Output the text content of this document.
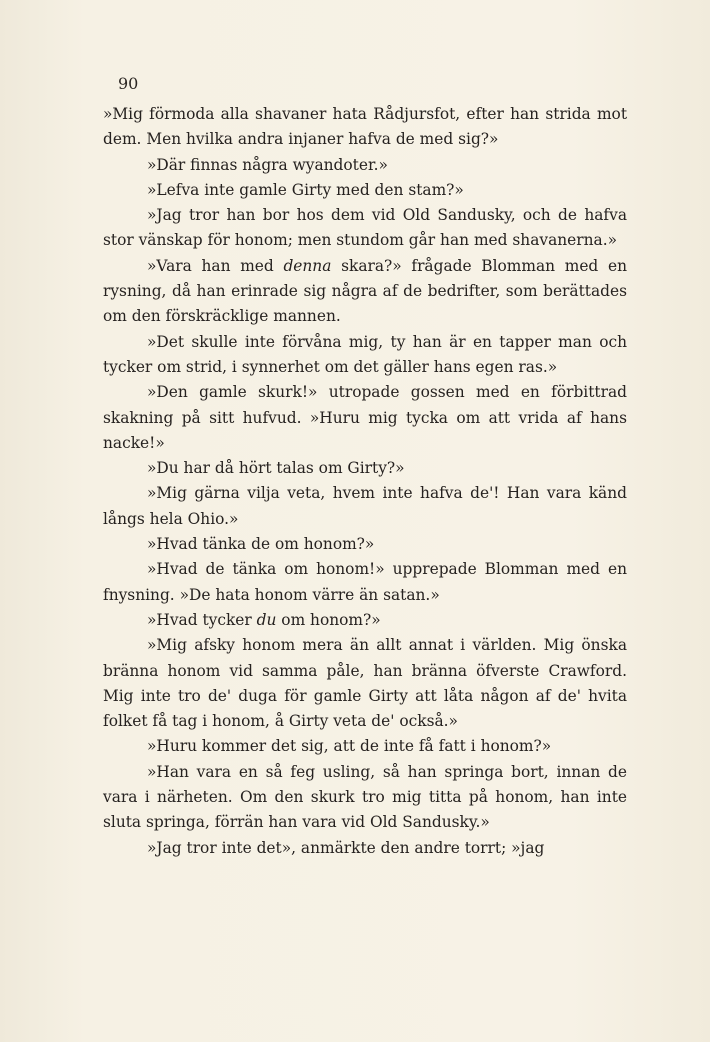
90

»Mig förmoda alla shavaner hata Rådjursfot, efter han strida mot dem. Men hvilka andra injaner hafva de med sig?»

»Där finnas några wyandoter.»

»Lefva inte gamle Girty med den stam?»

»Jag tror han bor hos dem vid Old Sandusky, och de hafva stor vänskap för honom; men stundom går han med shavanerna.»

»Vara han med denna skara?» frågade Blomman med en rysning, då han erinrade sig några af de bedrifter, som berättades om den förskräcklige mannen.

»Det skulle inte förvåna mig, ty han är en tapper man och tycker om strid, i synnerhet om det gäller hans egen ras.»

»Den gamle skurk!» utropade gossen med en förbittrad skakning på sitt hufvud. »Huru mig tycka om att vrida af hans nacke!»

»Du har då hört talas om Girty?»

»Mig gärna vilja veta, hvem inte hafva de'! Han vara känd långs hela Ohio.»

»Hvad tänka de om honom?»

»Hvad de tänka om honom!» upprepade Blomman med en fnysning. »De hata honom värre än satan.»

»Hvad tycker du om honom?»

»Mig afsky honom mera än allt annat i världen. Mig önska bränna honom vid samma påle, han bränna öfverste Crawford. Mig inte tro de' duga för gamle Girty att låta någon af de' hvita folket få tag i honom, å Girty veta de' också.»

»Huru kommer det sig, att de inte få fatt i honom?»

»Han vara en så feg usling, så han springa bort, innan de vara i närheten. Om den skurk tro mig titta på honom, han inte sluta springa, förrän han vara vid Old Sandusky.»

»Jag tror inte det», anmärkte den andre torrt; »jag
